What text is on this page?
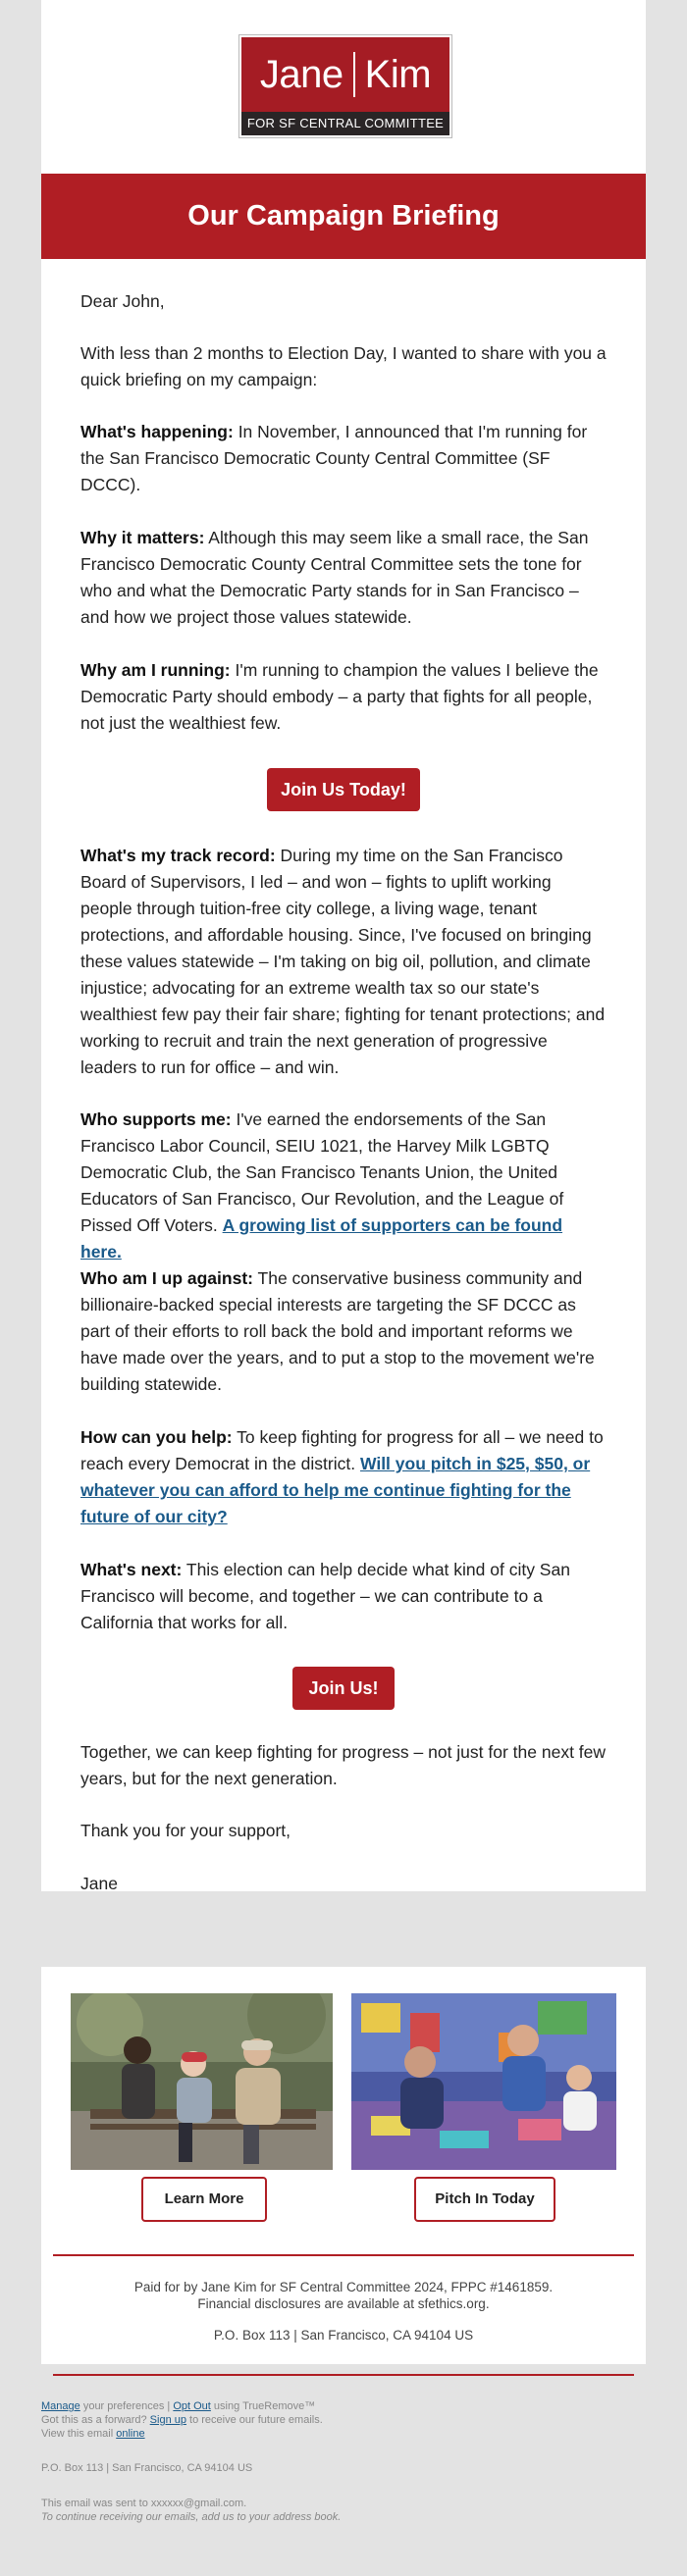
Jane Kim
FOR SF CENTRAL COMMITTEE
Our Campaign Briefing

Dear John,

With less than 2 months to Election Day, I wanted to share with you a quick briefing on my campaign:

What's happening: In November, I announced that I'm running for the San Francisco Democratic County Central Committee (SF DCCC).

Why it matters: Although this may seem like a small race, the San Francisco Democratic County Central Committee sets the tone for who and what the Democratic Party stands for in San Francisco – and how we project those values statewide.

Why am I running: I'm running to champion the values I believe the Democratic Party should embody – a party that fights for all people, not just the wealthiest few.

Join Us Today!

What's my track record: During my time on the San Francisco Board of Supervisors, I led – and won – fights to uplift working people through tuition-free city college, a living wage, tenant protections, and affordable housing. Since, I've focused on bringing these values statewide – I'm taking on big oil, pollution, and climate injustice; advocating for an extreme wealth tax so our state's wealthiest few pay their fair share; fighting for tenant protections; and working to recruit and train the next generation of progressive leaders to run for office – and win.

Who supports me: I've earned the endorsements of the San Francisco Labor Council, SEIU 1021, the Harvey Milk LGBTQ Democratic Club, the San Francisco Tenants Union, the United Educators of San Francisco, Our Revolution, and the League of Pissed Off Voters. A growing list of supporters can be found here.

Who am I up against: The conservative business community and billionaire-backed special interests are targeting the SF DCCC as part of their efforts to roll back the bold and important reforms we have made over the years, and to put a stop to the movement we're building statewide.

How can you help: To keep fighting for progress for all – we need to reach every Democrat in the district. Will you pitch in $25, $50, or whatever you can afford to help me continue fighting for the future of our city?

What's next: This election can help decide what kind of city San Francisco will become, and together – we can contribute to a California that works for all.

Join Us!

Together, we can keep fighting for progress – not just for the next few years, but for the next generation.

Thank you for your support,

Jane

Learn More	Pitch In Today
Paid for by Jane Kim for SF Central Committee 2024, FPPC #1461859.
Financial disclosures are available at sfethics.org.
P.O. Box 113 | San Francisco, CA 94104 US
Manage your preferences | Opt Out using TrueRemove™
Got this as a forward? Sign up to receive our future emails.
View this email online
P.O. Box 113 | San Francisco, CA 94104 US
This email was sent to xxxxxx@gmail.com.
To continue receiving our emails, add us to your address book.
